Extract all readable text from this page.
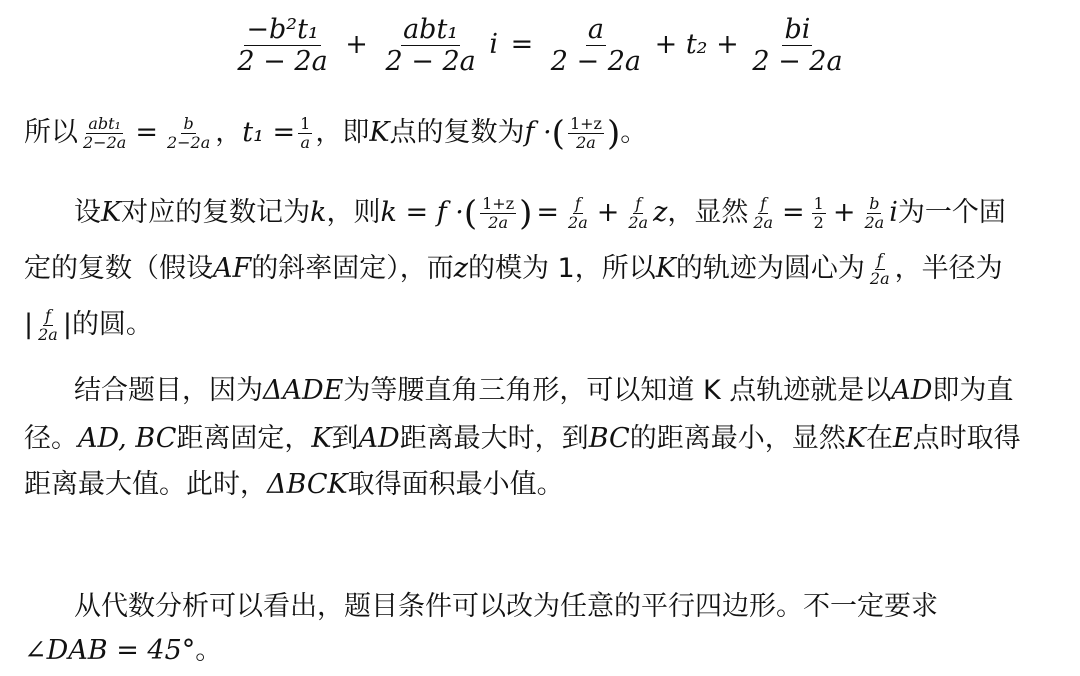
$\frac{\text{−b²t₁}}{2 - 2a} + \frac{\text{abt₁}}{2 - 2a}$ $i = \frac{a}{2 - 2a} + t_2 + \frac{bi}{2 - 2a}$
所以 $\frac{\text{abt₁}}{2-2a} = \frac{b}{2-2a}$ ，$t_1 = \frac{1}{a}$ ，即K点的复数为f ·( $\frac{1+z}{2a}$ )。
设K对应的复数记为k，则k = f ·( $\frac{1+z}{2a}$ ) = $\frac{f}{2a} + \frac{f}{2a}$ z，显然 $\frac{f}{2a} = \frac{1}{2} + \frac{b}{2a}$ i为一个固
定的复数（假设AF的斜率固定），而z的模为 1，所以K的轨迹为圆心为 $\frac{f}{2a}$ ，半径为
| $\frac{f}{2a}$ |的圆。
结合题目，因为ΔADE为等腰直角三角形，可以知道 K 点轨迹就是以AD即为直
径。AD, BC距离固定，K到AD距离最大时，到BC的距离最小，显然K在E点时取得
距离最大值。此时，ΔBCK取得面积最小值。
从代数分析可以看出，题目条件可以改为任意的平行四边形。不一定要求
∠DAB = 45°。
